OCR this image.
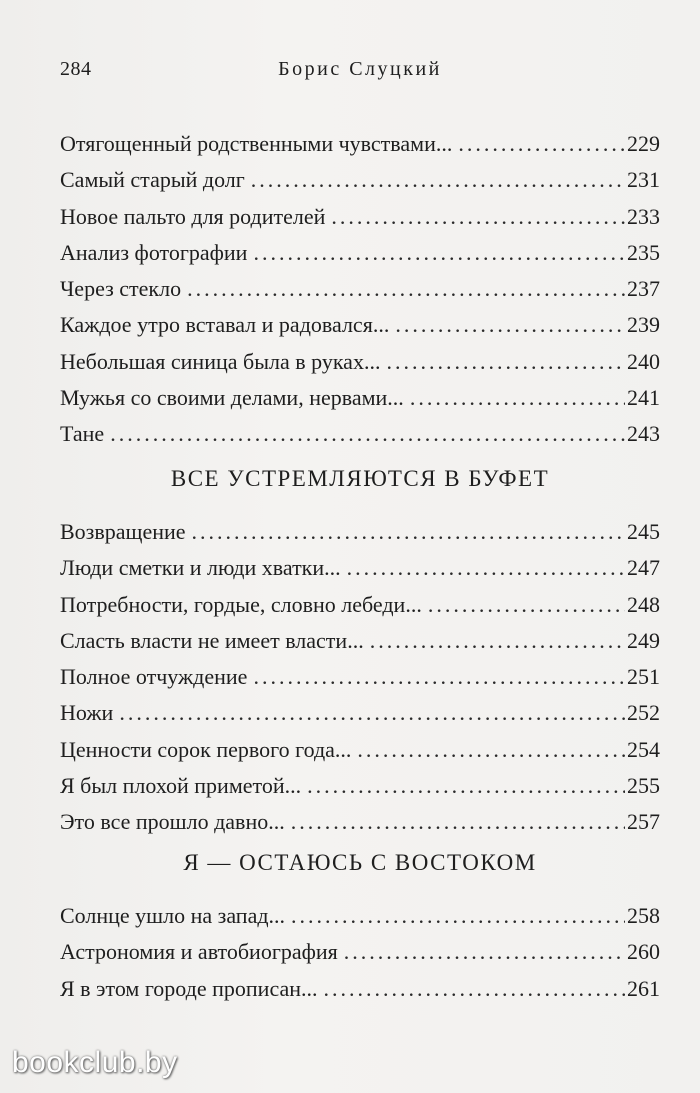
284	Борис Слуцкий
Отягощенный родственными чувствами... .....	229
Самый старый долг .....	231
Новое пальто для родителей .....	233
Анализ фотографии .....	235
Через стекло .....	237
Каждое утро вставал и радовался... .....	239
Небольшая синица была в руках... .....	240
Мужья со своими делами, нервами... .....	241
Тане .....	243
ВСЕ УСТРЕМЛЯЮТСЯ В БУФЕТ
Возвращение .....	245
Люди сметки и люди хватки... .....	247
Потребности, гордые, словно лебеди... .....	248
Сласть власти не имеет власти... .....	249
Полное отчуждение .....	251
Ножи .....	252
Ценности сорок первого года... .....	254
Я был плохой приметой... .....	255
Это все прошло давно... .....	257
Я — ОСТАЮСЬ С ВОСТОКОМ
Солнце ушло на запад... .....	258
Астрономия и автобиография .....	260
Я в этом городе прописан... .....	261
bookclub.by
